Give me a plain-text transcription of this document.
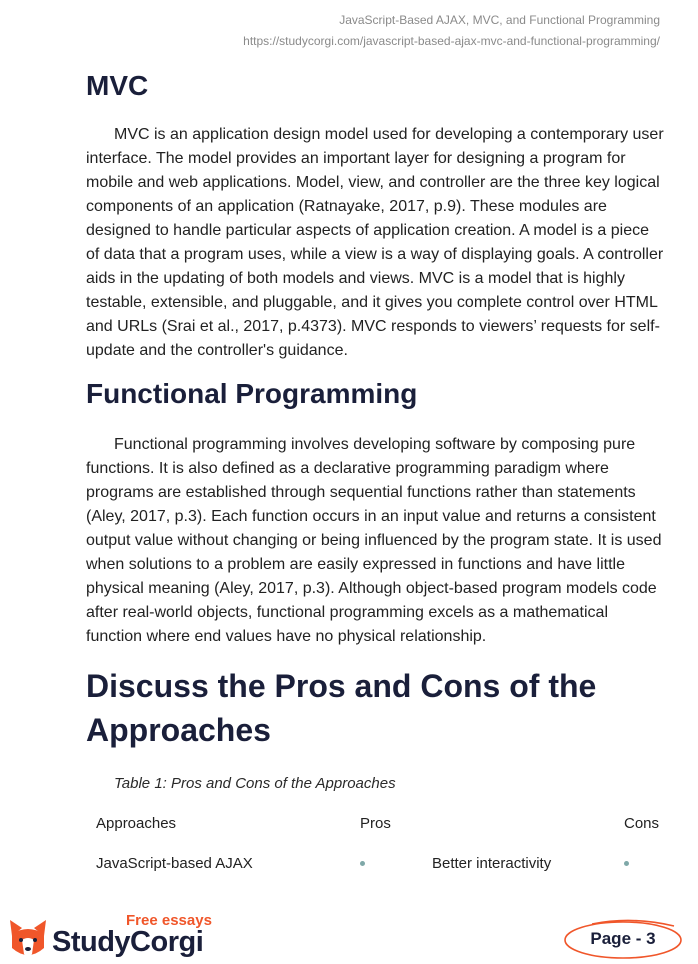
JavaScript-Based AJAX, MVC, and Functional Programming
https://studycorgi.com/javascript-based-ajax-mvc-and-functional-programming/
MVC

MVC is an application design model used for developing a contemporary user interface. The model provides an important layer for designing a program for mobile and web applications. Model, view, and controller are the three key logical components of an application (Ratnayake, 2017, p.9). These modules are designed to handle particular aspects of application creation. A model is a piece of data that a program uses, while a view is a way of displaying goals. A controller aids in the updating of both models and views. MVC is a model that is highly testable, extensible, and pluggable, and it gives you complete control over HTML and URLs (Srai et al., 2017, p.4373). MVC responds to viewers’ requests for self-update and the controller's guidance.

Functional Programming

Functional programming involves developing software by composing pure functions. It is also defined as a declarative programming paradigm where programs are established through sequential functions rather than statements (Aley, 2017, p.3). Each function occurs in an input value and returns a consistent output value without changing or being influenced by the program state. It is used when solutions to a problem are easily expressed in functions and have little physical meaning (Aley, 2017, p.3). Although object-based program models code after real-world objects, functional programming excels as a mathematical function where end values have no physical relationship.

Discuss the Pros and Cons of the Approaches
Table 1: Pros and Cons of the Approaches
Approaches	Pros	Cons
JavaScript-based AJAX	Better interactivity
Free essays
StudyCorgi	Page - 3
